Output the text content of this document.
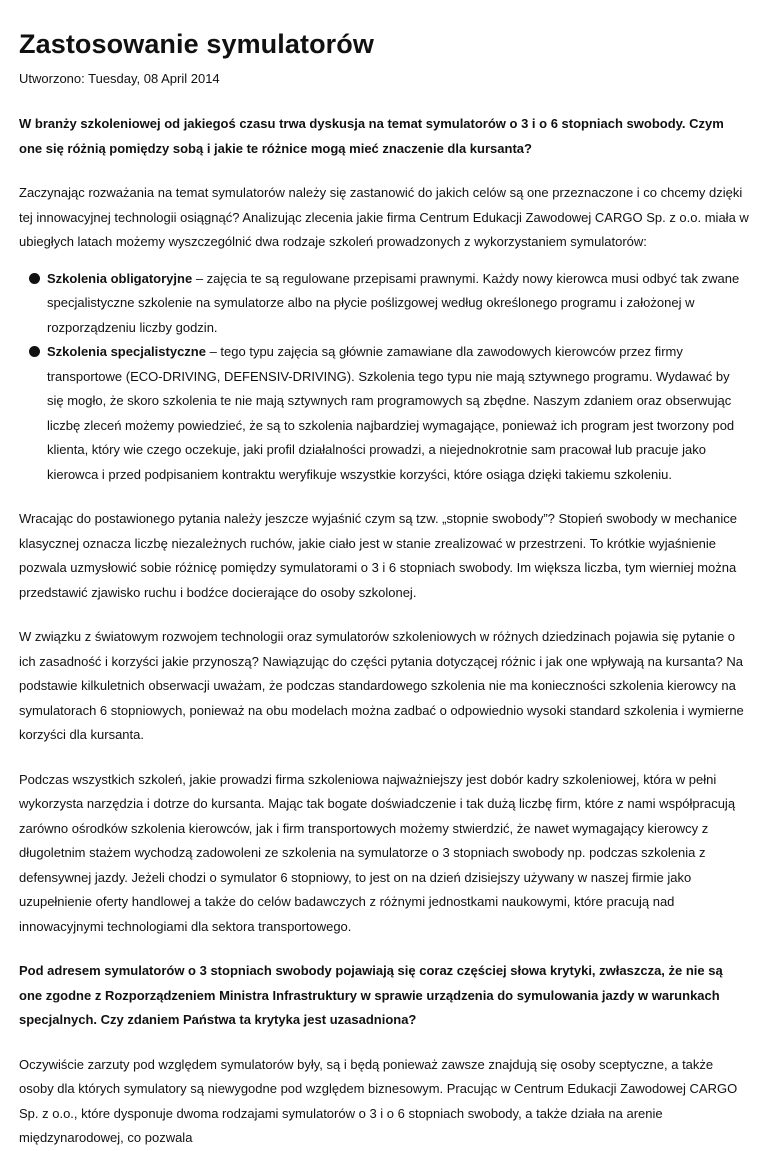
Zastosowanie symulatorów
Utworzono: Tuesday, 08 April 2014

W branży szkoleniowej od jakiegoś czasu trwa dyskusja na temat symulatorów o 3 i o 6 stopniach swobody. Czym one się różnią pomiędzy sobą i jakie te różnice mogą mieć znaczenie dla kursanta?

Zaczynając rozważania na temat symulatorów należy się zastanowić do jakich celów są one przeznaczone i co chcemy dzięki tej innowacyjnej technologii osiągnąć? Analizując zlecenia jakie firma Centrum Edukacji Zawodowej CARGO Sp. z o.o. miała w ubiegłych latach możemy wyszczególnić dwa rodzaje szkoleń prowadzonych z wykorzystaniem symulatorów:

Szkolenia obligatoryjne – zajęcia te są regulowane przepisami prawnymi. Każdy nowy kierowca musi odbyć tak zwane specjalistyczne szkolenie na symulatorze albo na płycie poślizgowej według określonego programu i założonej w rozporządzeniu liczby godzin.
Szkolenia specjalistyczne – tego typu zajęcia są głównie zamawiane dla zawodowych kierowców przez firmy transportowe (ECO-DRIVING, DEFENSIV-DRIVING). Szkolenia tego typu nie mają sztywnego programu. Wydawać by się mogło, że skoro szkolenia te nie mają sztywnych ram programowych są zbędne. Naszym zdaniem oraz obserwując liczbę zleceń możemy powiedzieć, że są to szkolenia najbardziej wymagające, ponieważ ich program jest tworzony pod klienta, który wie czego oczekuje, jaki profil działalności prowadzi, a niejednokrotnie sam pracował lub pracuje jako kierowca i przed podpisaniem kontraktu weryfikuje wszystkie korzyści, które osiąga dzięki takiemu szkoleniu.

Wracając do postawionego pytania należy jeszcze wyjaśnić czym są tzw. „stopnie swobody”? Stopień swobody w mechanice klasycznej oznacza liczbę niezależnych ruchów, jakie ciało jest w stanie zrealizować w przestrzeni. To krótkie wyjaśnienie pozwala uzmysłowić sobie różnicę pomiędzy symulatorami o 3 i 6 stopniach swobody. Im większa liczba, tym wierniej można przedstawić zjawisko ruchu i bodźce docierające do osoby szkolonej.

W związku z światowym rozwojem technologii oraz symulatorów szkoleniowych w różnych dziedzinach pojawia się pytanie o ich zasadność i korzyści jakie przynoszą? Nawiązując do części pytania dotyczącej różnic i jak one wpływają na kursanta? Na podstawie kilkuletnich obserwacji uważam, że podczas standardowego szkolenia nie ma konieczności szkolenia kierowcy na symulatorach 6 stopniowych, ponieważ na obu modelach można zadbać o odpowiednio wysoki standard szkolenia i wymierne korzyści dla kursanta.

Podczas wszystkich szkoleń, jakie prowadzi firma szkoleniowa najważniejszy jest dobór kadry szkoleniowej, która w pełni wykorzysta narzędzia i dotrze do kursanta. Mając tak bogate doświadczenie i tak dużą liczbę firm, które z nami współpracują zarówno ośrodków szkolenia kierowców, jak i firm transportowych możemy stwierdzić, że nawet wymagający kierowcy z długoletnim stażem wychodzą zadowoleni ze szkolenia na symulatorze o 3 stopniach swobody np. podczas szkolenia z defensywnej jazdy. Jeżeli chodzi o symulator 6 stopniowy, to jest on na dzień dzisiejszy używany w naszej firmie jako uzupełnienie oferty handlowej a także do celów badawczych z różnymi jednostkami naukowymi, które pracują nad innowacyjnymi technologiami dla sektora transportowego.

Pod adresem symulatorów o 3 stopniach swobody pojawiają się coraz częściej słowa krytyki, zwłaszcza, że nie są one zgodne z Rozporządzeniem Ministra Infrastruktury w sprawie urządzenia do symulowania jazdy w warunkach specjalnych. Czy zdaniem Państwa ta krytyka jest uzasadniona?

Oczywiście zarzuty pod względem symulatorów były, są i będą ponieważ zawsze znajdują się osoby sceptyczne, a także osoby dla których symulatory są niewygodne pod względem biznesowym. Pracując w Centrum Edukacji Zawodowej CARGO Sp. z o.o., które dysponuje dwoma rodzajami symulatorów o 3 i o 6 stopniach swobody, a także działa na arenie międzynarodowej, co pozwala
